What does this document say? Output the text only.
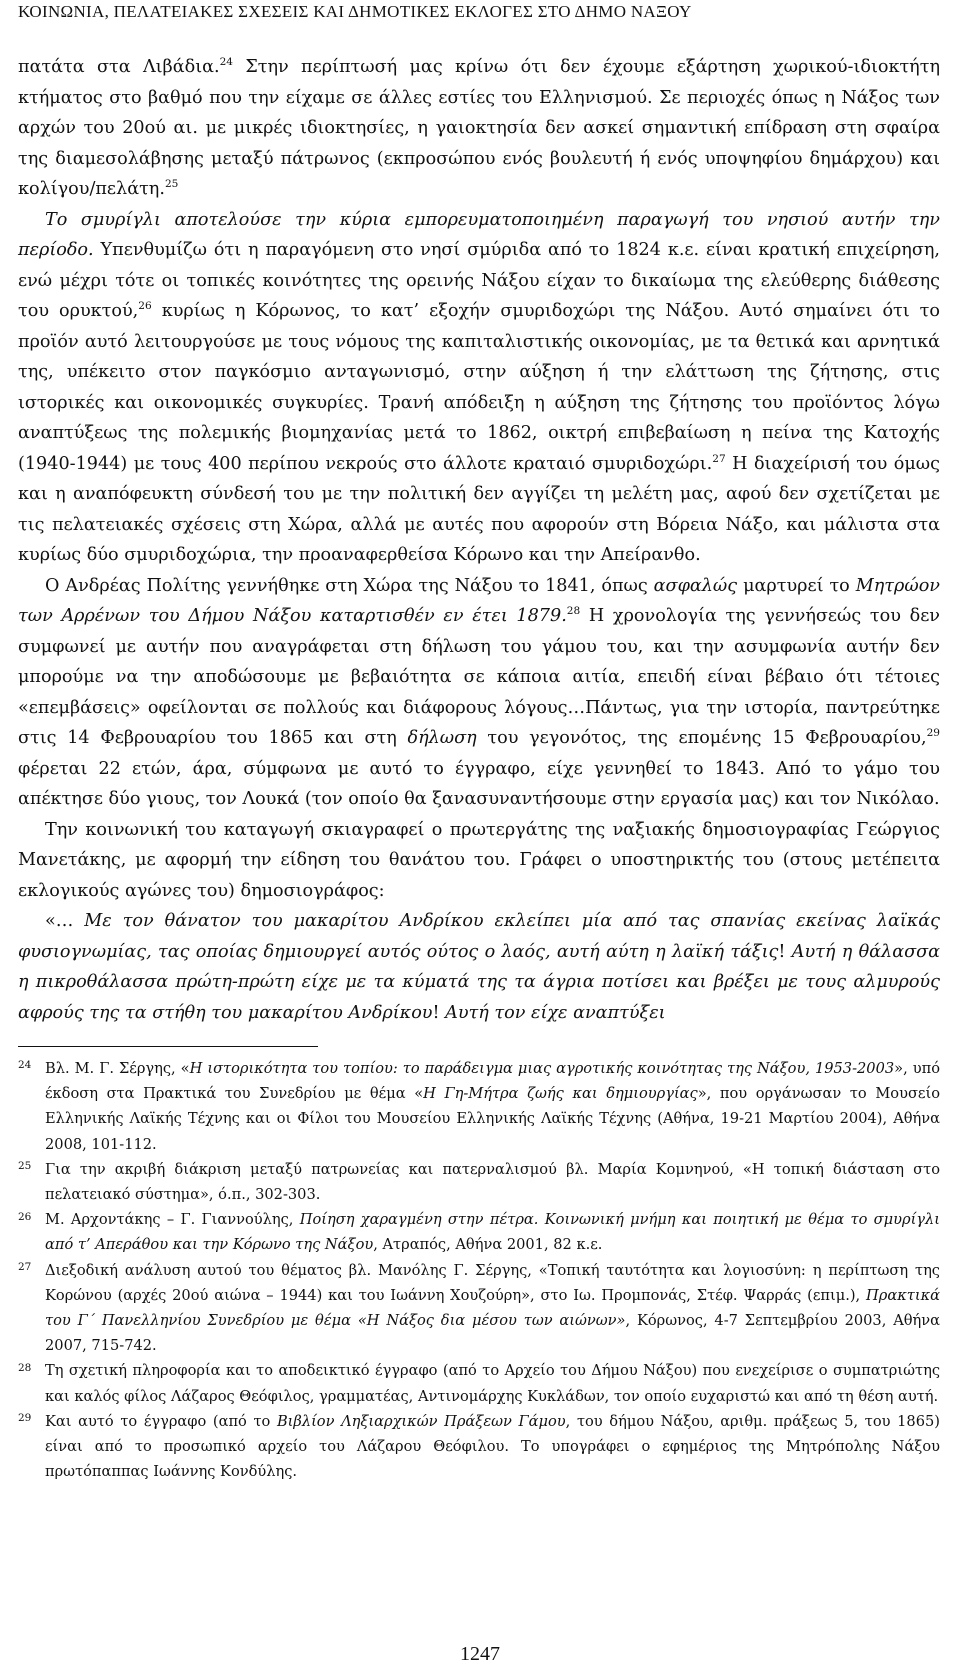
ΚΟΙΝΩΝΙΑ, ΠΕΛΑΤΕΙΑΚΕΣ ΣΧΕΣΕΙΣ ΚΑΙ ΔΗΜΟΤΙΚΕΣ ΕΚΛΟΓΕΣ ΣΤΟ ΔΗΜΟ ΝΑΞΟΥ

πατάτα στα Λιβάδια.$^{24}$ Στην περίπτωσή μας κρίνω ότι δεν έχουμε εξάρτηση χωρικού-ιδιοκτήτη κτήματος στο βαθμό που την είχαμε σε άλλες εστίες του Ελληνισμού. Σε περιοχές όπως η Νάξος των αρχών του 20ού αι. με μικρές ιδιοκτησίες, η γαιοκτησία δεν ασκεί σημαντική επίδραση στη σφαίρα της διαμεσολάβησης μεταξύ πάτρωνος (εκπροσώπου ενός βουλευτή ή ενός υποψηφίου δημάρχου) και κολίγου/πελάτη.$^{25}$

Το σμυρίγλι αποτελούσε την κύρια εμπορευματοποιημένη παραγωγή του νησιού αυτήν την περίοδο. Υπενθυμίζω ότι η παραγόμενη στο νησί σμύριδα από το 1824 κ.ε. είναι κρατική επιχείρηση, ενώ μέχρι τότε οι τοπικές κοινότητες της ορεινής Νάξου είχαν το δικαίωμα της ελεύθερης διάθεσης του ορυκτού,$^{26}$ κυρίως η Κόρωνος, το κατ’ εξοχήν σμυριδοχώρι της Νάξου. Αυτό σημαίνει ότι το προϊόν αυτό λειτουργούσε με τους νόμους της καπιταλιστικής οικονομίας, με τα θετικά και αρνητικά της, υπέκειτο στον παγκόσμιο ανταγωνισμό, στην αύξηση ή την ελάττωση της ζήτησης, στις ιστορικές και οικονομικές συγκυρίες. Τρανή απόδειξη η αύξηση της ζήτησης του προϊόντος λόγω αναπτύξεως της πολεμικής βιομηχανίας μετά το 1862, οικτρή επιβεβαίωση η πείνα της Κατοχής (1940-1944) με τους 400 περίπου νεκρούς στο άλλοτε κραταιό σμυριδοχώρι.$^{27}$ Η διαχείρισή του όμως και η αναπόφευκτη σύνδεσή του με την πολιτική δεν αγγίζει τη μελέτη μας, αφού δεν σχετίζεται με τις πελατειακές σχέσεις στη Χώρα, αλλά με αυτές που αφορούν στη Βόρεια Νάξο, και μάλιστα στα κυρίως δύο σμυριδοχώρια, την προαναφερθείσα Κόρωνο και την Απείρανθο.

Ο Ανδρέας Πολίτης γεννήθηκε στη Χώρα της Νάξου το 1841, όπως ασφαλώς μαρτυρεί το Μητρώον των Αρρένων του Δήμου Νάξου καταρτισθέν εν έτει 1879.28 Η χρονολογία της γεννήσεώς του δεν συμφωνεί με αυτήν που αναγράφεται στη δήλωση του γάμου του, και την ασυμφωνία αυτήν δεν μπορούμε να την αποδώσουμε με βεβαιότητα σε κάποια αιτία, επειδή είναι βέβαιο ότι τέτοιες «επεμβάσεις» οφείλονται σε πολλούς και διάφορους λόγους…Πάντως, για την ιστορία, παντρεύτηκε στις 14 Φεβρουαρίου του 1865 και στη δήλωση του γεγονότος, της επομένης 15 Φεβρουαρίου,$^{29}$ φέρεται 22 ετών, άρα, σύμφωνα με αυτό το έγγραφο, είχε γεννηθεί το 1843. Από το γάμο του απέκτησε δύο γιους, τον Λουκά (τον οποίο θα ξανασυναντήσουμε στην εργασία μας) και τον Νικόλαο.

Την κοινωνική του καταγωγή σκιαγραφεί ο πρωτεργάτης της ναξιακής δημοσιογραφίας Γεώργιος Μανετάκης, με αφορμή την είδηση του θανάτου του. Γράφει ο υποστηρικτής του (στους μετέπειτα εκλογικούς αγώνες του) δημοσιογράφος:

«… Με τον θάνατον του μακαρίτου Ανδρίκου εκλείπει μία από τας σπανίας εκείνας λαϊκάς φυσιογνωμίας, τας οποίας δημιουργεί αυτός ούτος ο λαός, αυτή αύτη η λαϊκή τάξις! Αυτή η θάλασσα η πικροθάλασσα πρώτη-πρώτη είχε με τα κύματά της τα άγρια ποτίσει και βρέξει με τους αλμυρούς αφρούς της τα στήθη του μακαρίτου Ανδρίκου! Αυτή τον είχε αναπτύξει

24 Βλ. Μ. Γ. Σέργης, «Η ιστορικότητα του τοπίου: το παράδειγμα μιας αγροτικής κοινότητας της Νάξου, 1953-2003», υπό έκδοση στα Πρακτικά του Συνεδρίου με θέμα «Η Γη-Μήτρα ζωής και δημιουργίας», που οργάνωσαν το Μουσείο Ελληνικής Λαϊκής Τέχνης και οι Φίλοι του Μουσείου Ελληνικής Λαϊκής Τέχνης (Αθήνα, 19-21 Μαρτίου 2004), Αθήνα 2008, 101-112.

25 Για την ακριβή διάκριση μεταξύ πατρωνείας και πατερναλισμού βλ. Μαρία Κομνηνού, «Η τοπική διάσταση στο πελατειακό σύστημα», ό.π., 302-303.

26 Μ. Αρχοντάκης – Γ. Γιαννούλης, Ποίηση χαραγμένη στην πέτρα. Κοινωνική μνήμη και ποιητική με θέμα το σμυρίγλι από τ’ Απεράθου και την Κόρωνο της Νάξου, Ατραπός, Αθήνα 2001, 82 κ.ε.

27 Διεξοδική ανάλυση αυτού του θέματος βλ. Μανόλης Γ. Σέργης, «Τοπική ταυτότητα και λογιοσύνη: η περίπτωση της Κορώνου (αρχές 20ού αιώνα – 1944) και του Ιωάννη Χουζούρη», στο Ιω. Προμπονάς, Στέφ. Ψαρράς (επιμ.), Πρακτικά του Γ΄ Πανελληνίου Συνεδρίου με θέμα «Η Νάξος δια μέσου των αιώνων», Κόρωνος, 4-7 Σεπτεμβρίου 2003, Αθήνα 2007, 715-742.

28 Τη σχετική πληροφορία και το αποδεικτικό έγγραφο (από το Αρχείο του Δήμου Νάξου) που ενεχείρισε ο συμπατριώτης και καλός φίλος Λάζαρος Θεόφιλος, γραμματέας, Αντινομάρχης Κυκλάδων, τον οποίο ευχαριστώ και από τη θέση αυτή.

29 Και αυτό το έγγραφο (από το Βιβλίον Ληξιαρχικών Πράξεων Γάμου, του δήμου Νάξου, αριθμ. πράξεως 5, του 1865) είναι από το προσωπικό αρχείο του Λάζαρου Θεόφιλου. Το υπογράφει ο εφημέριος της Μητρόπολης Νάξου πρωτόπαππας Ιωάννης Κονδύλης.

1247
